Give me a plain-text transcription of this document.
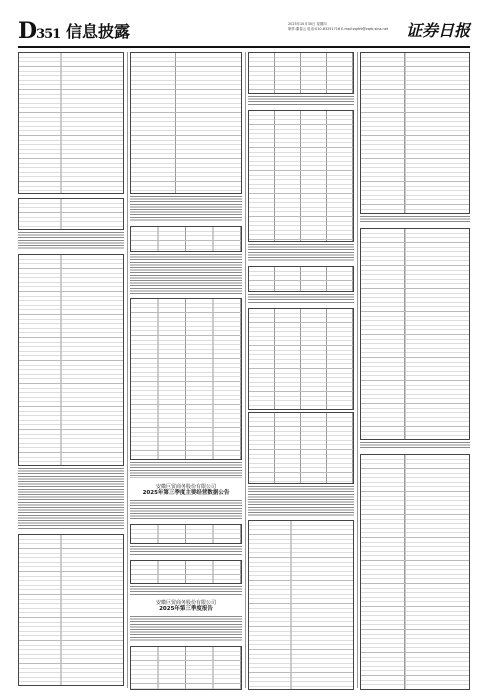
D351 信息披露	2025年10月30日 星期四
制作:董春云 电话:010-83251716 E-mail:zqrb9@zqrb.sina.net	证券日报
安徽巨贸商务股份有限公司
2025年第三季度主要经营数据公告
安徽巨贸商务股份有限公司
2025年第三季度报告
